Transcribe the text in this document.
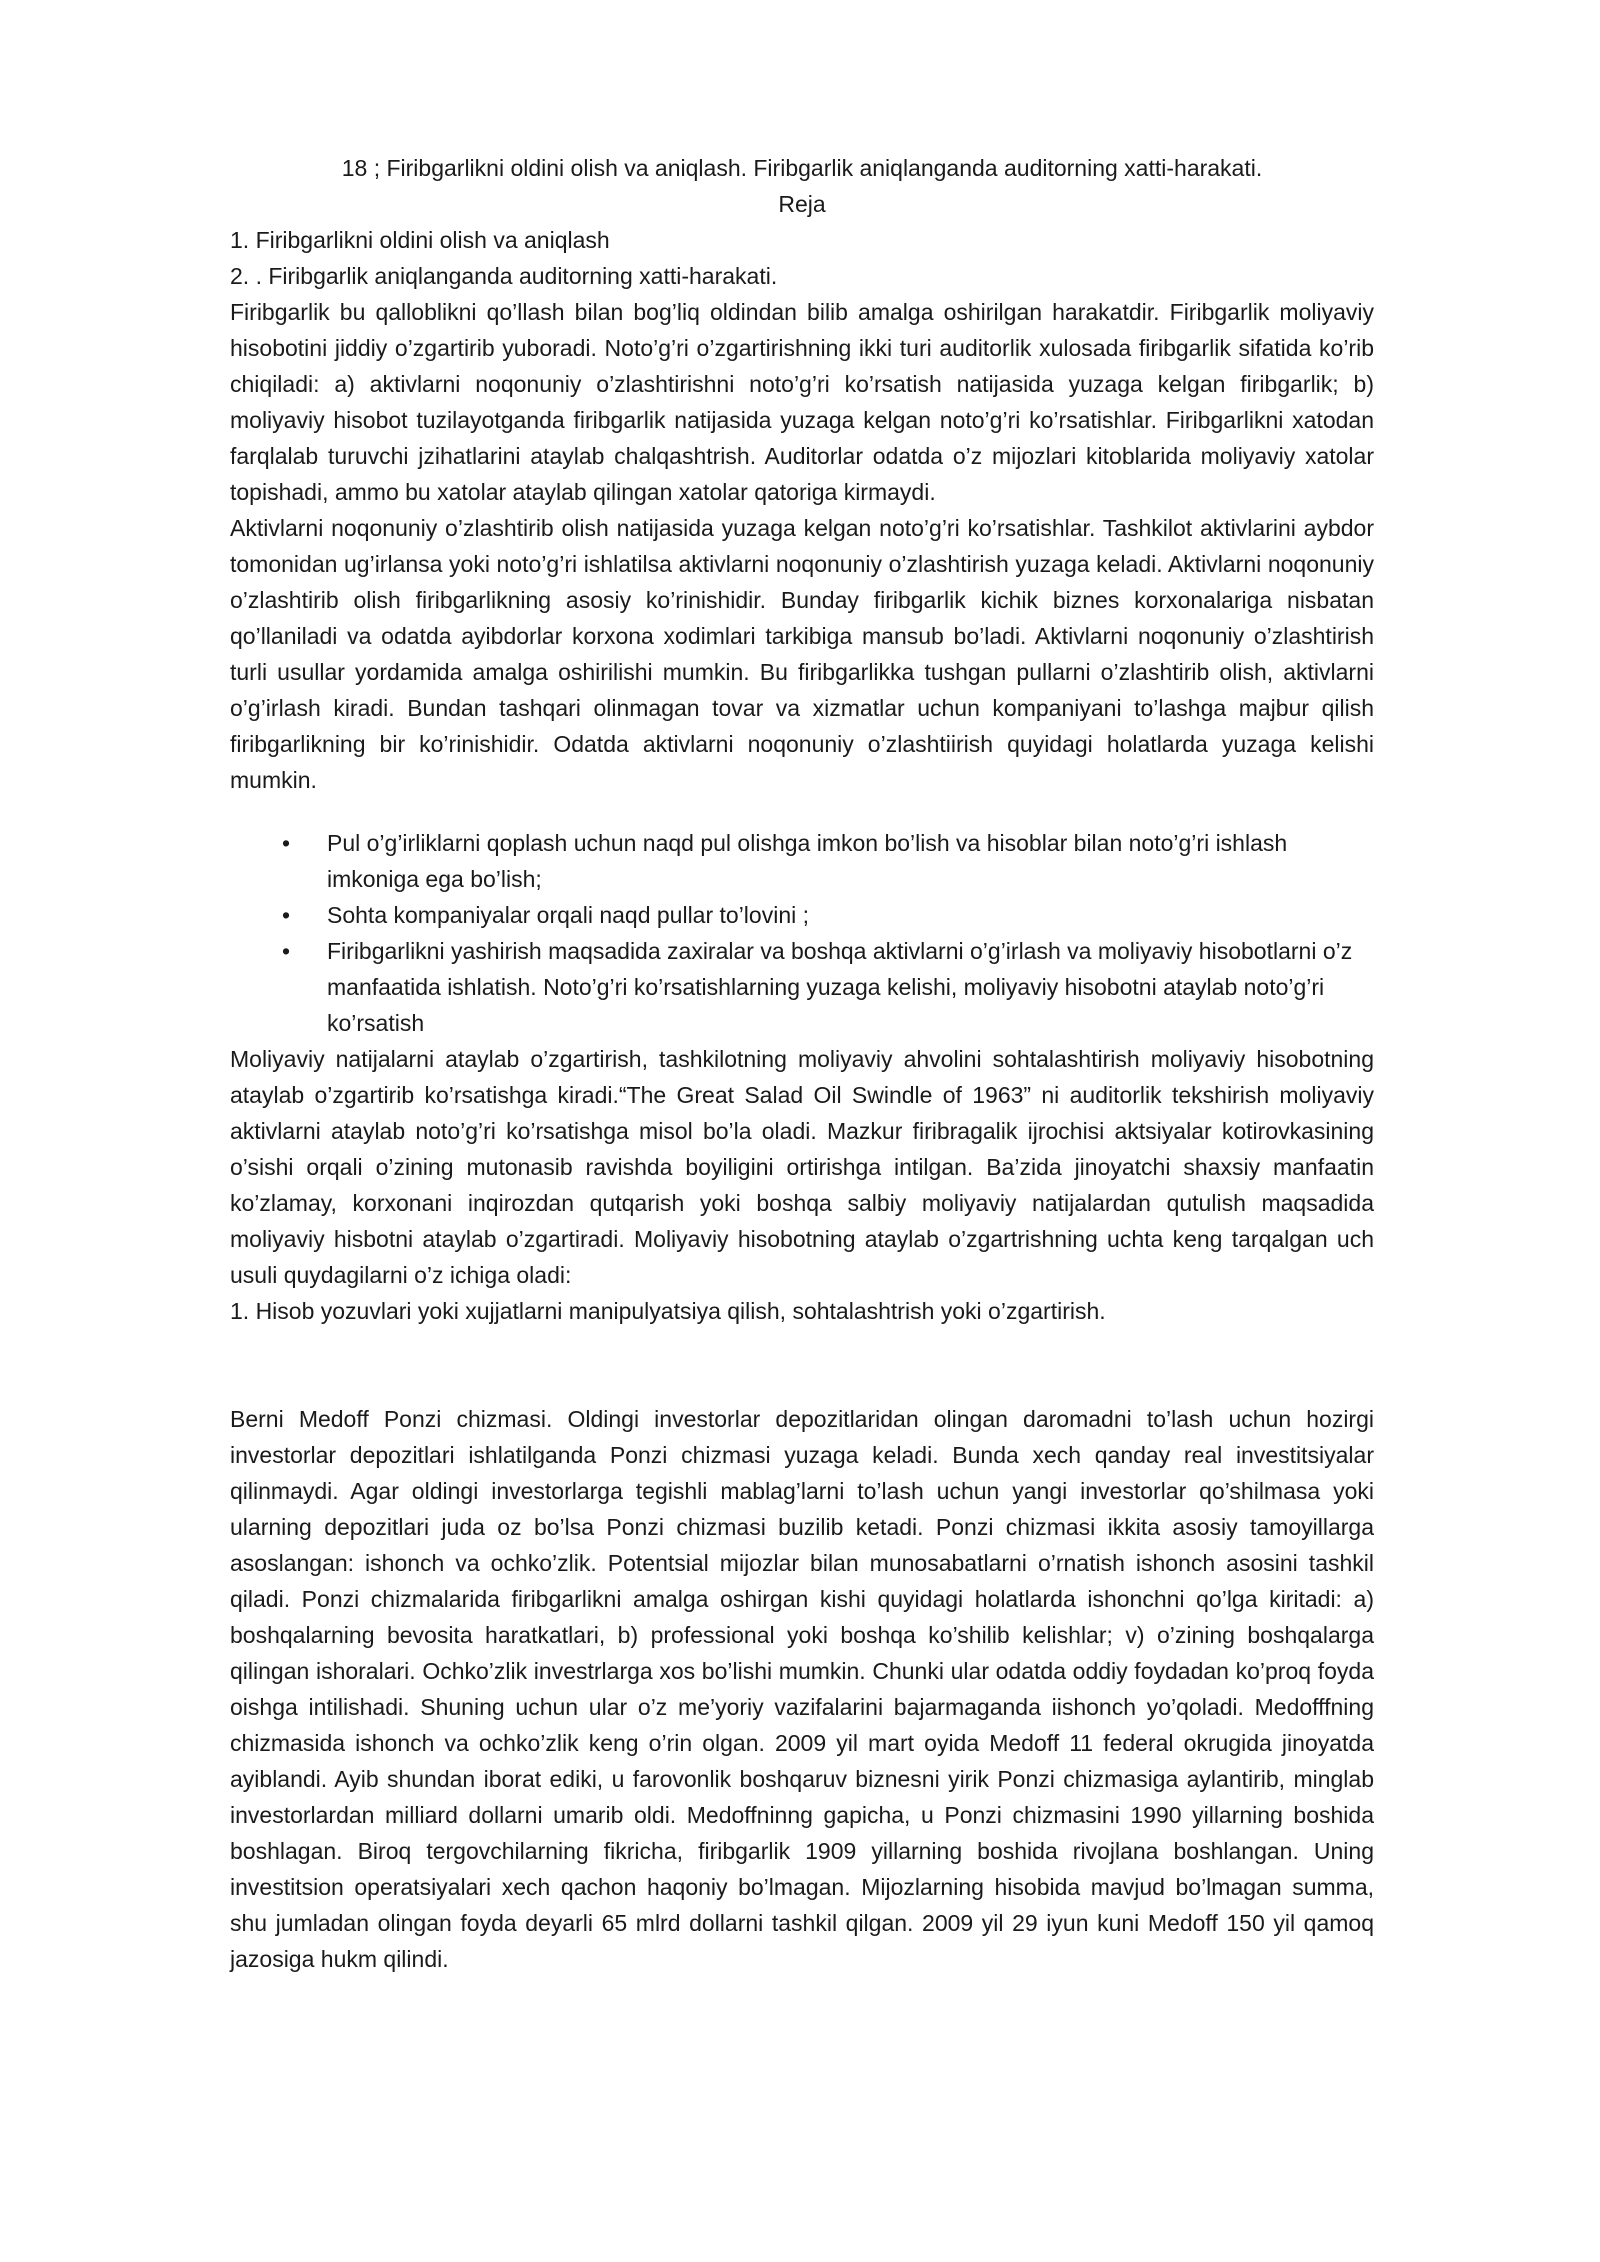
18 ; Firibgarlikni oldini olish va aniqlash. Firibgarlik aniqlanganda auditorning xatti-harakati.
Reja
1. Firibgarlikni oldini olish va aniqlash
2. . Firibgarlik aniqlanganda auditorning xatti-harakati.
Firibgarlik bu qalloblikni qo’llash bilan bog’liq oldindan bilib amalga oshirilgan harakatdir. Firibgarlik moliyaviy hisobotini jiddiy o’zgartirib yuboradi. Noto’g’ri o’zgartirishning ikki turi auditorlik xulosada firibgarlik sifatida ko’rib chiqiladi: a) aktivlarni noqonuniy o’zlashtirishni noto’g’ri ko’rsatish natijasida yuzaga kelgan firibgarlik; b) moliyaviy hisobot tuzilayotganda firibgarlik natijasida yuzaga kelgan noto’g’ri ko’rsatishlar. Firibgarlikni xatodan farqlalab turuvchi jzihatlarini ataylab chalqashtrish. Auditorlar odatda o’z mijozlari kitoblarida moliyaviy xatolar topishadi, ammo bu xatolar ataylab qilingan xatolar qatoriga kirmaydi.
Aktivlarni noqonuniy o’zlashtirib olish natijasida yuzaga kelgan noto’g’ri ko’rsatishlar. Tashkilot aktivlarini aybdor tomonidan ug’irlansa yoki noto’g’ri ishlatilsa aktivlarni noqonuniy o’zlashtirish yuzaga keladi. Aktivlarni noqonuniy o’zlashtirib olish firibgarlikning asosiy ko’rinishidir. Bunday firibgarlik kichik biznes korxonalariga nisbatan qo’llaniladi va odatda ayibdorlar korxona xodimlari tarkibiga mansub bo’ladi. Aktivlarni noqonuniy o’zlashtirish turli usullar yordamida amalga oshirilishi mumkin. Bu firibgarlikka tushgan pullarni o’zlashtirib olish, aktivlarni o’g’irlash kiradi. Bundan tashqari olinmagan tovar va xizmatlar uchun kompaniyani to’lashga majbur qilish firibgarlikning bir ko’rinishidir. Odatda aktivlarni noqonuniy o’zlashtiirish quyidagi holatlarda yuzaga kelishi mumkin.
• Pul o’g’irliklarni qoplash uchun naqd pul olishga imkon bo’lish va hisoblar bilan noto’g’ri ishlash imkoniga ega bo’lish;
• Sohta kompaniyalar orqali naqd pullar to’lovini ;
• Firibgarlikni yashirish maqsadida zaxiralar va boshqa aktivlarni o’g’irlash va moliyaviy hisobotlarni o’z manfaatida ishlatish. Noto’g’ri ko’rsatishlarning yuzaga kelishi, moliyaviy hisobotni ataylab noto’g’ri ko’rsatish
Moliyaviy natijalarni ataylab o’zgartirish, tashkilotning moliyaviy ahvolini sohtalashtirish moliyaviy hisobotning ataylab o’zgartirib ko’rsatishga kiradi.“The Great Salad Oil Swindle of 1963” ni auditorlik tekshirish moliyaviy aktivlarni ataylab noto’g’ri ko’rsatishga misol bo’la oladi. Mazkur firibragalik ijrochisi aktsiyalar kotirovkasining o’sishi orqali o’zining mutonasib ravishda boyiligini ortirishga intilgan. Ba’zida jinoyatchi shaxsiy manfaatin ko’zlamay, korxonani inqirozdan qutqarish yoki boshqa salbiy moliyaviy natijalardan qutulish maqsadida moliyaviy hisbotni ataylab o’zgartiradi. Moliyaviy hisobotning ataylab o’zgartrishning uchta keng tarqalgan uch usuli quydagilarni o’z ichiga oladi:
1. Hisob yozuvlari yoki xujjatlarni manipulyatsiya qilish, sohtalashtrish yoki o’zgartirish.
Berni Medoff Ponzi chizmasi. Oldingi investorlar depozitlaridan olingan daromadni to’lash uchun hozirgi investorlar depozitlari ishlatilganda Ponzi chizmasi yuzaga keladi. Bunda xech qanday real investitsiyalar qilinmaydi. Agar oldingi investorlarga tegishli mablag’larni to’lash uchun yangi investorlar qo’shilmasa yoki ularning depozitlari juda oz bo’lsa Ponzi chizmasi buzilib ketadi. Ponzi chizmasi ikkita asosiy tamoyillarga asoslangan: ishonch va ochko’zlik. Potentsial mijozlar bilan munosabatlarni o’rnatish ishonch asosini tashkil qiladi. Ponzi chizmalarida firibgarlikni amalga oshirgan kishi quyidagi holatlarda ishonchni qo’lga kiritadi: a) boshqalarning bevosita haratkatlari, b) professional yoki boshqa ko’shilib kelishlar; v) o’zining boshqalarga qilingan ishoralari. Ochko’zlik investrlarga xos bo’lishi mumkin. Chunki ular odatda oddiy foydadan ko’proq foyda oishga intilishadi. Shuning uchun ular o’z me’yoriy vazifalarini bajarmaganda iishonch yo’qoladi. Medofffning chizmasida ishonch va ochko’zlik keng o’rin olgan. 2009 yil mart oyida Medoff 11 federal okrugida jinoyatda ayiblandi. Ayib shundan iborat ediki, u farovonlik boshqaruv biznesni yirik Ponzi chizmasiga aylantirib, minglab investorlardan milliard dollarni umarib oldi. Medoffninng gapicha, u Ponzi chizmasini 1990 yillarning boshida boshlagan. Biroq tergovchilarning fikricha, firibgarlik 1909 yillarning boshida rivojlana boshlangan. Uning investitsion operatsiyalari xech qachon haqoniy bo’lmagan. Mijozlarning hisobida mavjud bo’lmagan summa, shu jumladan olingan foyda deyarli 65 mlrd dollarni tashkil qilgan. 2009 yil 29 iyun kuni Medoff 150 yil qamoq jazosiga hukm qilindi.
